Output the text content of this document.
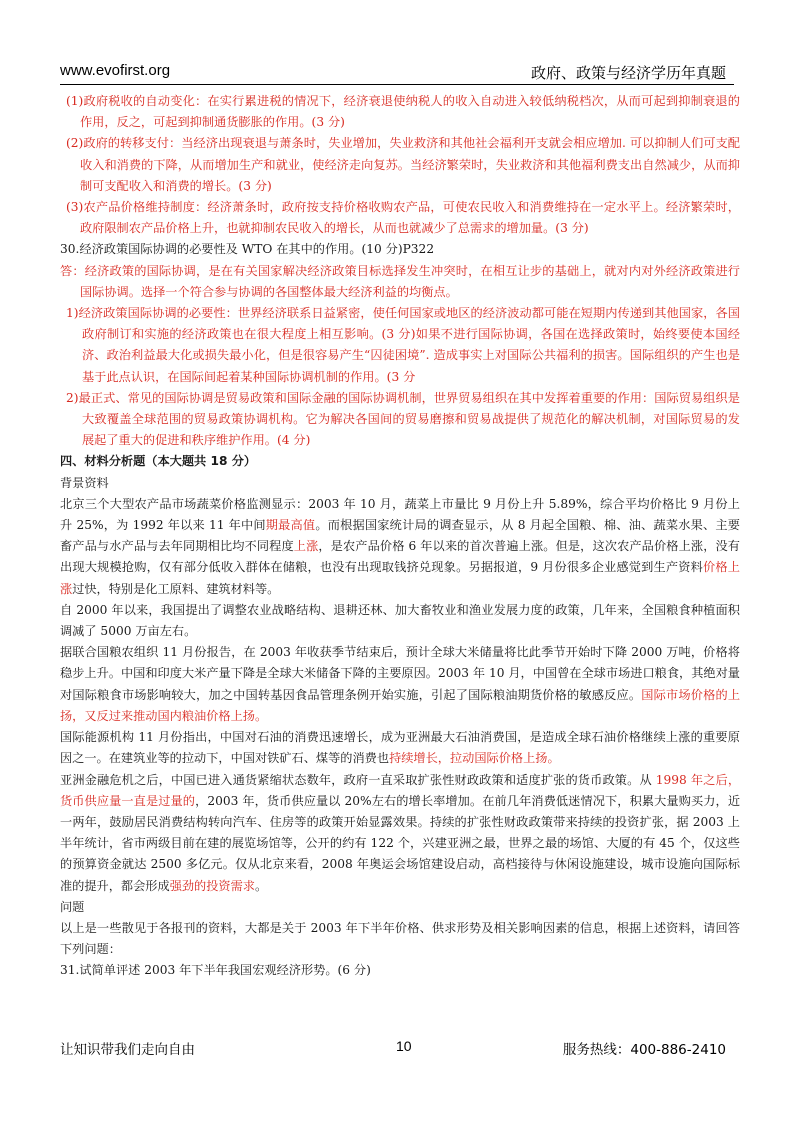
www.evofirst.org	政府、政策与经济学历年真题

(1)政府税收的自动变化：在实行累进税的情况下，经济衰退使纳税人的收入自动进入较低纳税档次，从而可起到抑制衰退的作用，反之，可起到抑制通货膨胀的作用。(3 分)

(2)政府的转移支付：当经济出现衰退与萧条时，失业增加，失业救济和其他社会福利开支就会相应增加. 可以抑制人们可支配收入和消费的下降，从而增加生产和就业，使经济走向复苏。当经济繁荣时，失业救济和其他福利费支出自然减少，从而抑制可支配收入和消费的增长。(3 分)

(3)农产品价格维持制度：经济萧条时，政府按支持价格收购农产品，可使农民收入和消费维持在一定水平上。经济繁荣时，政府限制农产品价格上升，也就抑制农民收入的增长，从而也就减少了总需求的增加量。(3 分)

30.经济政策国际协调的必要性及 WTO 在其中的作用。(10 分)P322

答：经济政策的国际协调，是在有关国家解决经济政策目标选择发生冲突时，在相互让步的基础上，就对内对外经济政策进行国际协调。选择一个符合参与协调的各国整体最大经济利益的均衡点。

1)经济政策国际协调的必要性：世界经济联系日益紧密，使任何国家或地区的经济波动都可能在短期内传递到其他国家，各国政府制订和实施的经济政策也在很大程度上相互影响。(3 分)如果不进行国际协调，各国在选择政策时，始终要使本国经济、政治利益最大化或损失最小化，但是很容易产生“囚徒困境”. 造成事实上对国际公共福利的损害。国际组织的产生也是基于此点认识，在国际间起着某种国际协调机制的作用。(3 分

2)最正式、常见的国际协调是贸易政策和国际金融的国际协调机制，世界贸易组织在其中发挥着重要的作用：国际贸易组织是大致覆盖全球范围的贸易政策协调机构。它为解决各国间的贸易磨擦和贸易战提供了规范化的解决机制，对国际贸易的发展起了重大的促进和秩序维护作用。(4 分)

四、材料分析题（本大题共 18 分）

背景资料

北京三个大型农产品市场蔬菜价格监测显示：2003 年 10 月，蔬菜上市量比 9 月份上升 5.89%，综合平均价格比 9 月份上升 25%，为 1992 年以来 11 年中间期最高值。而根据国家统计局的调查显示，从 8 月起全国粮、棉、油、蔬菜水果、主要畜产品与水产品与去年同期相比均不同程度上涨，是农产品价格 6 年以来的首次普遍上涨。但是，这次农产品价格上涨，没有出现大规模抢购，仅有部分低收入群体在储粮，也没有出现取钱挤兑现象。另据报道，9 月份很多企业感觉到生产资料价格上涨过快，特别是化工原料、建筑材料等。

自 2000 年以来，我国提出了调整农业战略结构、退耕还林、加大畜牧业和渔业发展力度的政策，几年来，全国粮食种植面积调减了 5000 万亩左右。

据联合国粮农组织 11 月份报告，在 2003 年收获季节结束后，预计全球大米储量将比此季节开始时下降 2000 万吨，价格将稳步上升。中国和印度大米产量下降是全球大米储备下降的主要原因。2003 年 10 月，中国曾在全球市场进口粮食，其绝对量对国际粮食市场影响较大，加之中国转基因食品管理条例开始实施，引起了国际粮油期货价格的敏感反应。国际市场价格的上扬，又反过来推动国内粮油价格上扬。

国际能源机构 11 月份指出，中国对石油的消费迅速增长，成为亚洲最大石油消费国，是造成全球石油价格继续上涨的重要原因之一。在建筑业等的拉动下，中国对铁矿石、煤等的消费也持续增长，拉动国际价格上扬。

亚洲金融危机之后，中国已进入通货紧缩状态数年，政府一直采取扩张性财政政策和适度扩张的货币政策。从 1998 年之后，货币供应量一直是过量的，2003 年，货币供应量以 20%左右的增长率增加。在前几年消费低迷情况下，积累大量购买力，近一两年，鼓励居民消费结构转向汽车、住房等的政策开始显露效果。持续的扩张性财政政策带来持续的投资扩张，据 2003 上半年统计，省市两级目前在建的展览场馆等，公开的约有 122 个，兴建亚洲之最，世界之最的场馆、大厦的有 45 个，仅这些的预算资金就达 2500 多亿元。仅从北京来看，2008 年奥运会场馆建设启动，高档接待与休闲设施建设，城市设施向国际标准的提升，都会形成强劲的投资需求。

问题

以上是一些散见于各报刊的资料，大都是关于 2003 年下半年价格、供求形势及相关影响因素的信息，根据上述资料，请回答下列问题：

31.试简单评述 2003 年下半年我国宏观经济形势。(6 分)

让知识带我们走向自由	10	服务热线：400-886-2410
